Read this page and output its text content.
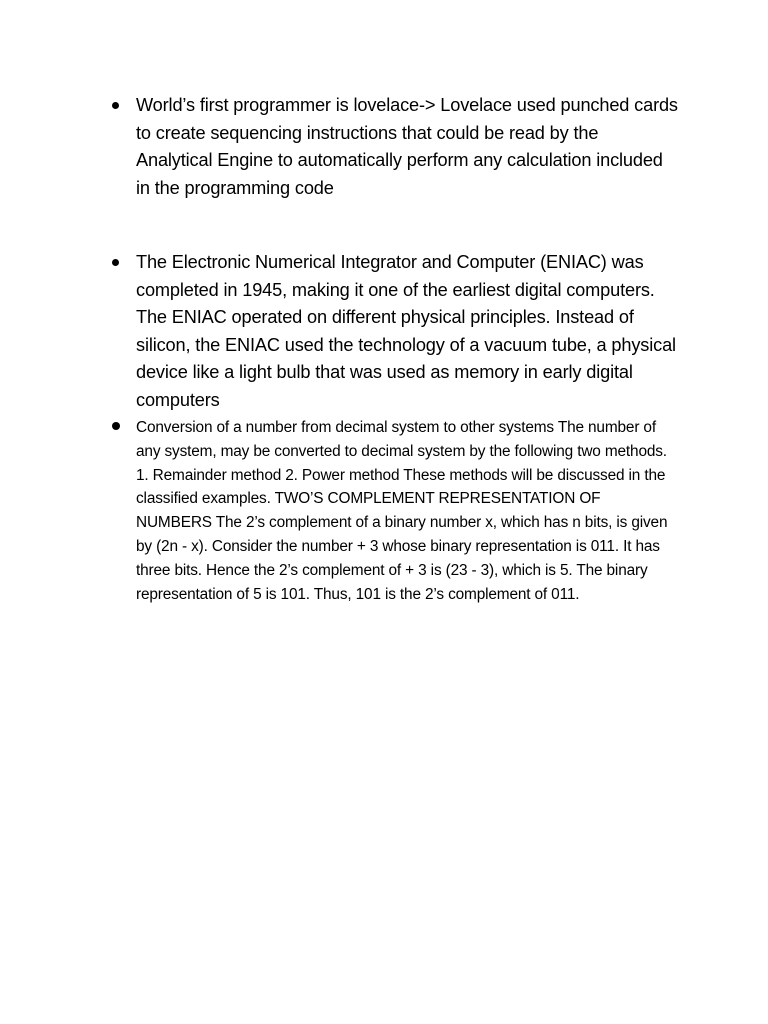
World’s first programmer is lovelace-> Lovelace used punched cards to create sequencing instructions that could be read by the Analytical Engine to automatically perform any calculation included in the programming code
The Electronic Numerical Integrator and Computer (ENIAC) was completed in 1945, making it one of the earliest digital computers. The ENIAC operated on different physical principles. Instead of silicon, the ENIAC used the technology of a vacuum tube, a physical device like a light bulb that was used as memory in early digital computers
Conversion of a number from decimal system to other systems The number of any system, may be converted to decimal system by the following two methods. 1. Remainder method 2. Power method These methods will be discussed in the classified examples. TWO’S COMPLEMENT REPRESENTATION OF NUMBERS The 2’s complement of a binary number x, which has n bits, is given by (2n - x). Consider the number + 3 whose binary representation is 011. It has three bits. Hence the 2’s complement of + 3 is (23 - 3), which is 5. The binary representation of 5 is 101. Thus, 101 is the 2’s complement of 011.
